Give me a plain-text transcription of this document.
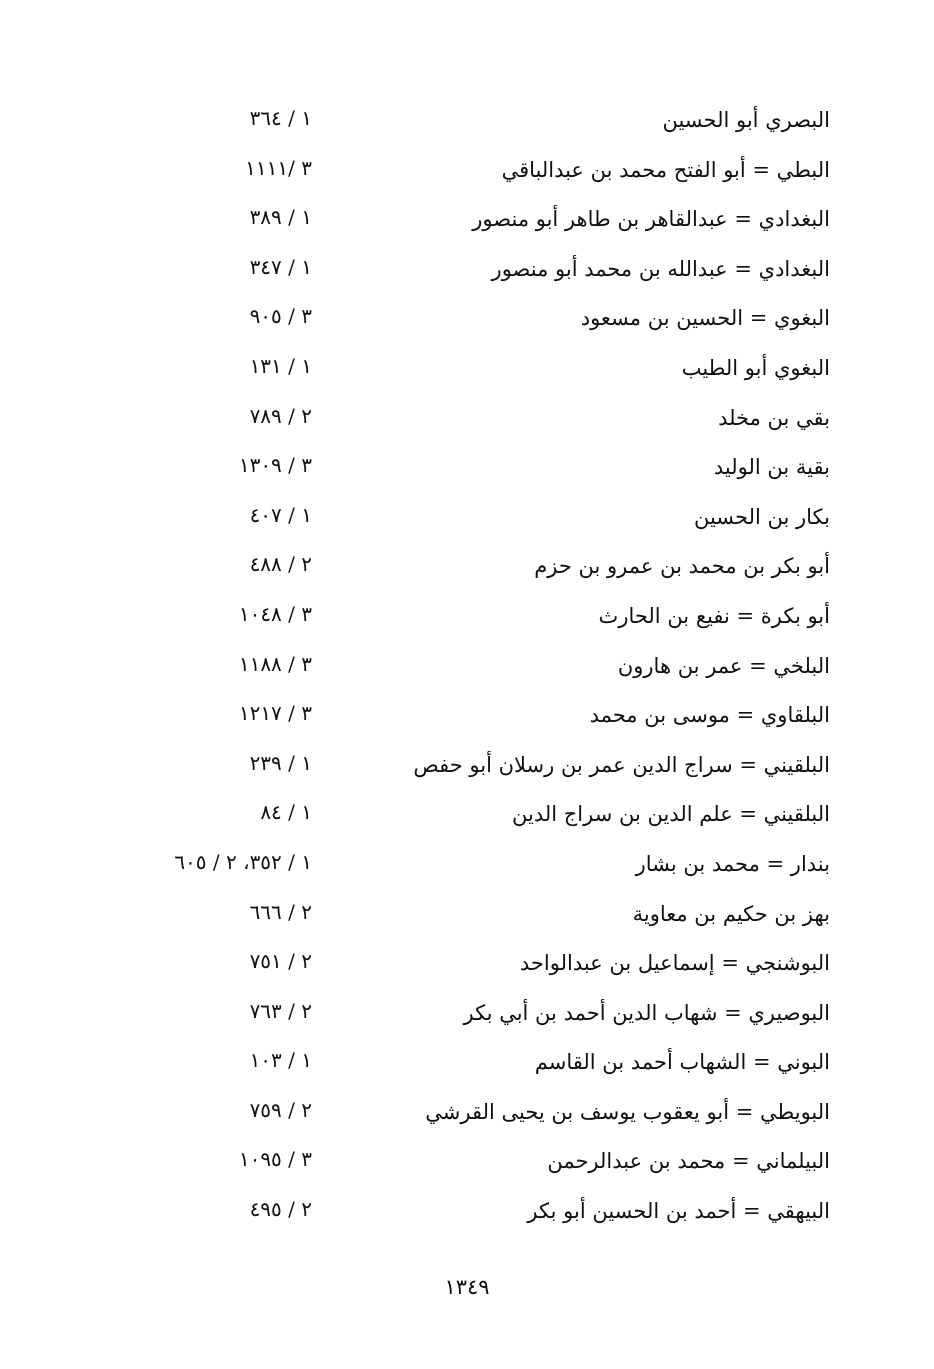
البصري أبو الحسين
١ / ٣٦٤
البطي = أبو الفتح محمد بن عبدالباقي
٣ /١١١١
البغدادي = عبدالقاهر بن طاهر أبو منصور
١ / ٣٨٩
البغدادي = عبدالله بن محمد أبو منصور
١ / ٣٤٧
البغوي = الحسين بن مسعود
٣ / ٩٠٥
البغوي أبو الطيب
١ / ١٣١
بقي بن مخلد
٢ / ٧٨٩
بقية بن الوليد
٣ / ١٣٠٩
بكار بن الحسين
١ / ٤٠٧
أبو بكر بن محمد بن عمرو بن حزم
٢ / ٤٨٨
أبو بكرة = نفيع بن الحارث
٣ / ١٠٤٨
البلخي = عمر بن هارون
٣ / ١١٨٨
البلقاوي = موسى بن محمد
٣ / ١٢١٧
البلقيني = سراج الدين عمر بن رسلان أبو حفص
١ / ٢٣٩
البلقيني = علم الدين بن سراج الدين
١ / ٨٤
بندار = محمد بن بشار
١ / ٣٥٢، ٢ / ٦٠٥
بهز بن حكيم بن معاوية
٢ / ٦٦٦
البوشنجي = إسماعيل بن عبدالواحد
٢ / ٧٥١
البوصيري = شهاب الدين أحمد بن أبي بكر
٢ / ٧٦٣
البوني = الشهاب أحمد بن القاسم
١ / ١٠٣
البويطي = أبو يعقوب يوسف بن يحيى القرشي
٢ / ٧٥٩
البيلماني = محمد بن عبدالرحمن
٣ / ١٠٩٥
البيهقي = أحمد بن الحسين أبو بكر
٢ / ٤٩٥
١٣٤٩
